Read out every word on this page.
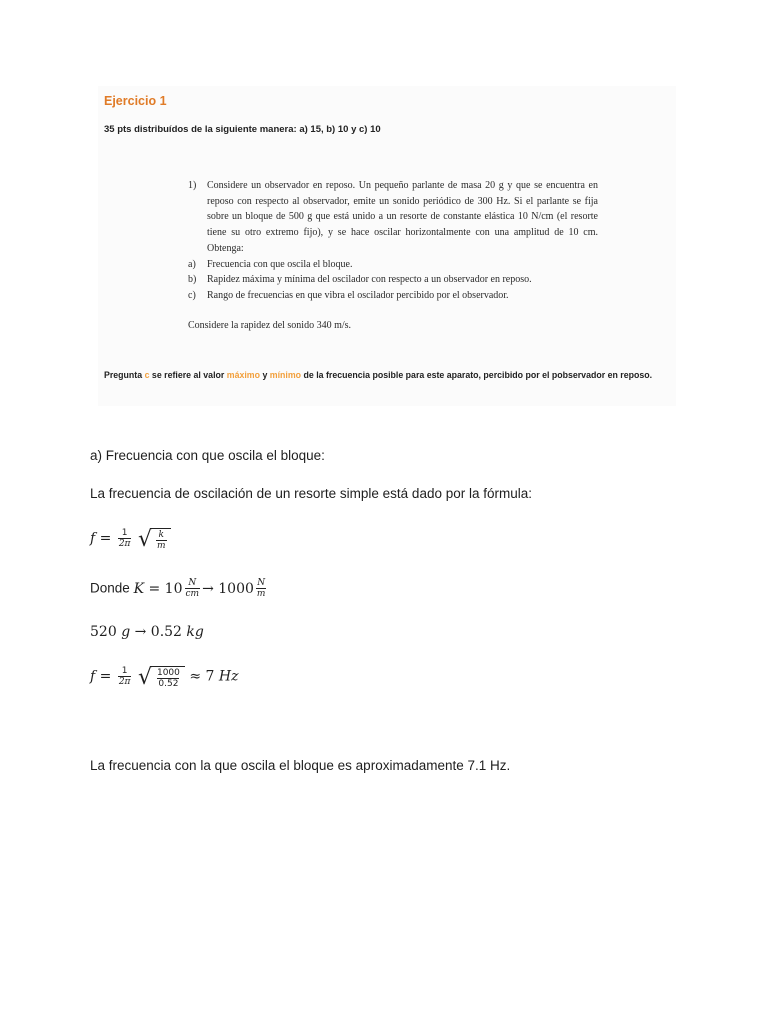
Ejercicio 1
35 pts distribuídos de la siguiente manera: a) 15, b) 10 y c) 10
1)	Considere un observador en reposo. Un pequeño parlante de masa 20 g y que se encuentra en reposo con respecto al observador, emite un sonido periódico de 300 Hz. Si el parlante se fija sobre un bloque de 500 g que está unido a un resorte de constante elástica 10 N/cm (el resorte tiene su otro extremo fijo), y se hace oscilar horizontalmente con una amplitud de 10 cm. Obtenga:
a)	Frecuencia con que oscila el bloque.
b)	Rapidez máxima y mínima del oscilador con respecto a un observador en reposo.
c)	Rango de frecuencias en que vibra el oscilador percibido por el observador.
Considere la rapidez del sonido 340 m/s.
Pregunta c se refiere al valor máximo y mínimo de la frecuencia posible para este aparato, percibido por el pobservador en reposo.
a) Frecuencia con que oscila el bloque:
La frecuencia de oscilación de un resorte simple está dado por la fórmula:
$f = \frac{1}{2\pi}$
√ $\frac{k}{m}$
Donde $K = 10 \frac{N}{cm} \to 1000 \frac{N}{m}$
520 g → 0.52 kg
$f = \frac{1}{2\pi}$
√ $\frac{1000}{0.52} \approx 7$ Hz
La frecuencia con la que oscila el bloque es aproximadamente 7.1 Hz.
